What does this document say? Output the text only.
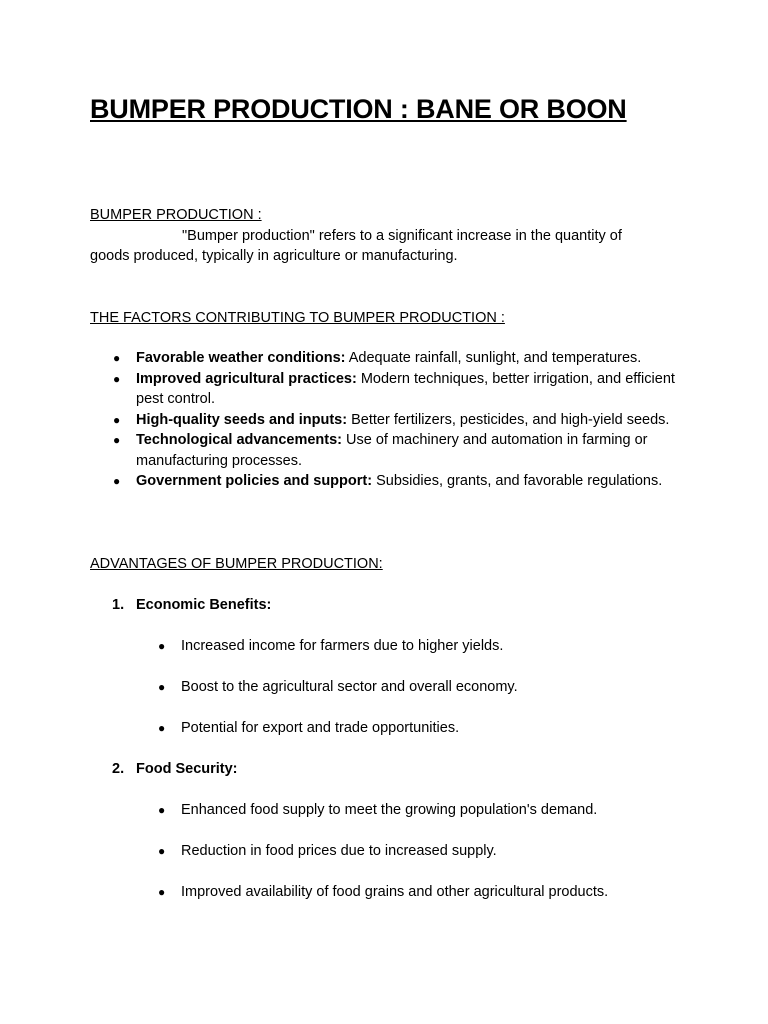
BUMPER PRODUCTION : BANE OR BOON

BUMPER PRODUCTION :

"Bumper production" refers to a significant increase in the quantity of
goods produced, typically in agriculture or manufacturing.

THE FACTORS CONTRIBUTING TO BUMPER PRODUCTION :

● Favorable weather conditions: Adequate rainfall, sunlight, and temperatures.
● Improved agricultural practices: Modern techniques, better irrigation, and efficient pest control.
● High-quality seeds and inputs: Better fertilizers, pesticides, and high-yield seeds.
● Technological advancements: Use of machinery and automation in farming or manufacturing processes.
● Government policies and support: Subsidies, grants, and favorable regulations.

ADVANTAGES OF BUMPER PRODUCTION:

1. Economic Benefits:

● Increased income for farmers due to higher yields.

● Boost to the agricultural sector and overall economy.

● Potential for export and trade opportunities.

2. Food Security:

● Enhanced food supply to meet the growing population's demand.

● Reduction in food prices due to increased supply.

● Improved availability of food grains and other agricultural products.
